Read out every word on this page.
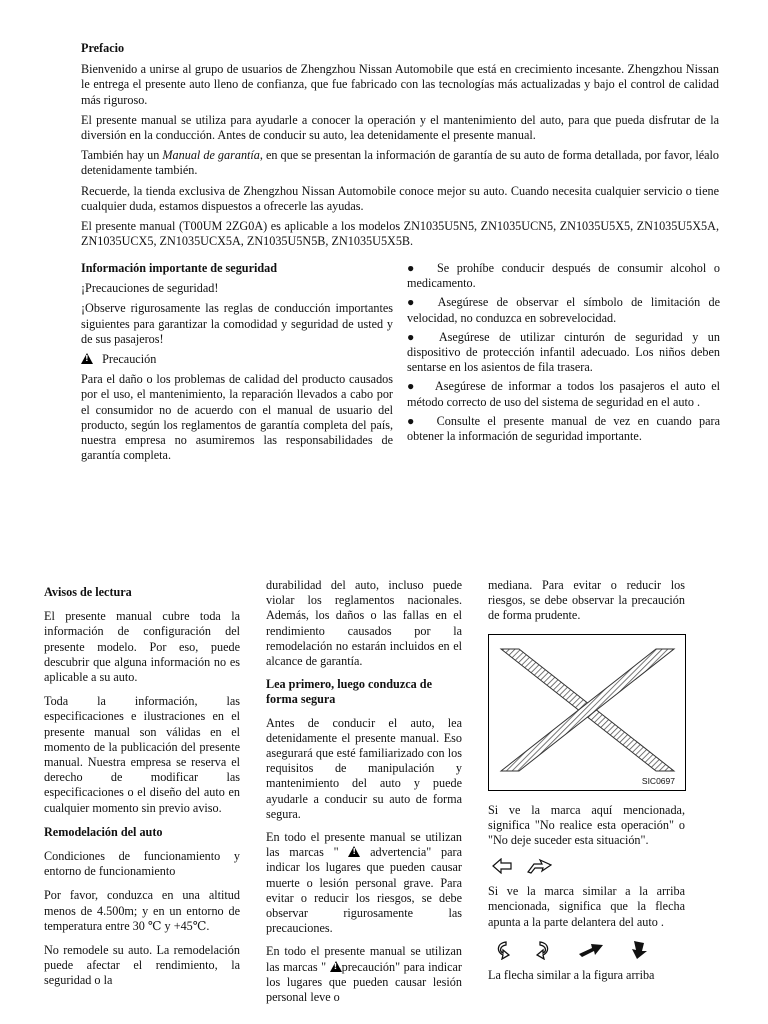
Prefacio

Bienvenido a unirse al grupo de usuarios de Zhengzhou Nissan Automobile que está en crecimiento incesante. Zhengzhou Nissan le entrega el presente auto lleno de confianza, que fue fabricado con las tecnologías más actualizadas y bajo el control de calidad más riguroso.

El presente manual se utiliza para ayudarle a conocer la operación y el mantenimiento del auto, para que pueda disfrutar de la diversión en la conducción. Antes de conducir su auto, lea detenidamente el presente manual.

También hay un Manual de garantía, en que se presentan la información de garantía de su auto de forma detallada, por favor, léalo detenidamente también.

Recuerde, la tienda exclusiva de Zhengzhou Nissan Automobile conoce mejor su auto. Cuando necesita cualquier servicio o tiene cualquier duda, estamos dispuestos a ofrecerle las ayudas.

El presente manual (T00UM 2ZG0A) es aplicable a los modelos ZN1035U5N5, ZN1035UCN5, ZN1035U5X5, ZN1035U5X5A, ZN1035UCX5, ZN1035UCX5A, ZN1035U5N5B, ZN1035U5X5B.

Información importante de seguridad

¡Precauciones de seguridad!

¡Observe rigurosamente las reglas de conducción importantes siguientes para garantizar la comodidad y seguridad de usted y de sus pasajeros!

!   Precaución

Para el daño o los problemas de calidad del producto causados por el uso, el mantenimiento, la reparación llevados a cabo por el consumidor no de acuerdo con el manual de usuario del producto, según los reglamentos de garantía completa del país, nuestra empresa no asumiremos las responsabilidades de garantía completa.

● Se prohíbe conducir después de consumir alcohol o medicamento.

● Asegúrese de observar el símbolo de limitación de velocidad, no conduzca en sobrevelocidad.

● Asegúrese de utilizar cinturón de seguridad y un dispositivo de protección infantil adecuado. Los niños deben sentarse en los asientos de fila trasera.

● Asegúrese de informar a todos los pasajeros el auto el método correcto de uso del sistema de seguridad en el auto .

● Consulte el presente manual de vez en cuando para obtener la información de seguridad importante.

Avisos de lectura

El presente manual cubre toda la información de configuración del presente modelo. Por eso, puede descubrir que alguna información no es aplicable a su auto.

Toda la información, las especificaciones e ilustraciones en el presente manual son válidas en el momento de la publicación del presente manual. Nuestra empresa se reserva el derecho de modificar las especificaciones o el diseño del auto en cualquier momento sin previo aviso.

Remodelación del auto

Condiciones de funcionamiento y entorno de funcionamiento

Por favor, conduzca en una altitud menos de 4.500m; y en un entorno de temperatura entre 30 ℃ y +45℃.

No remodele su auto. La remodelación puede afectar el rendimiento, la seguridad o la

durabilidad del auto, incluso puede violar los reglamentos nacionales. Además, los daños o las fallas en el rendimiento causados por la remodelación no estarán incluidos en el alcance de garantía.

Lea primero, luego conduzca de forma segura

Antes de conducir el auto, lea detenidamente el presente manual. Eso asegurará que esté familiarizado con los requisitos de manipulación y mantenimiento del auto y puede ayudarle a conducir su auto de forma segura.

En todo el presente manual se utilizan las marcas " ! advertencia" para indicar los lugares que pueden causar muerte o lesión personal grave. Para evitar o reducir los riesgos, se debe observar rigurosamente las precauciones.

En todo el presente manual se utilizan las marcas " !precaución" para indicar los lugares que pueden causar lesión personal leve o

mediana. Para evitar o reducir los riesgos, se debe observar la precaución de forma prudente.

SIC0697

Si ve la marca aquí mencionada, significa "No realice esta operación" o "No deje suceder esta situación".

Si ve la marca similar a la arriba mencionada, significa que la flecha apunta a la parte delantera del auto .

La flecha similar a la figura arriba
